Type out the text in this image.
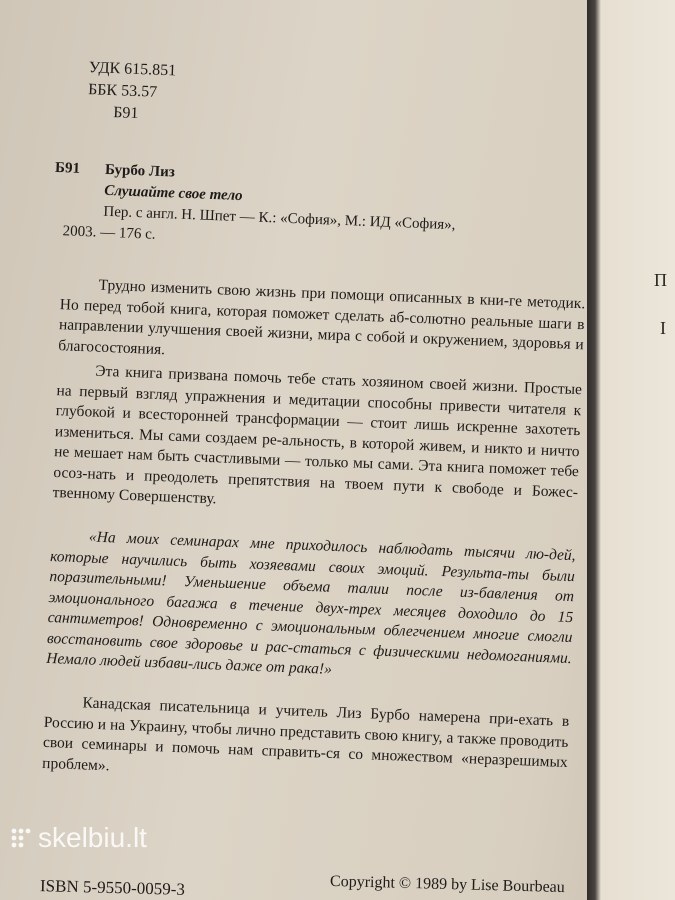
П
I
УДК 615.851
ББК 53.57
Б91
Б91 Бурбо Лиз
Слушайте свое тело
Пер. с англ. Н. Шпет — К.: «София», М.: ИД «София»,
2003. — 176 с.
Трудно изменить свою жизнь при помощи описанных в кни-ге методик. Но перед тобой книга, которая поможет сделать аб-солютно реальные шаги в направлении улучшения своей жизни, мира с собой и окружением, здоровья и благосостояния.
Эта книга призвана помочь тебе стать хозяином своей жизни. Простые на первый взгляд упражнения и медитации способны привести читателя к глубокой и всесторонней трансформации — стоит лишь искренне захотеть измениться. Мы сами создаем ре-альность, в которой живем, и никто и ничто не мешает нам быть счастливыми — только мы сами. Эта книга поможет тебе осоз-нать и преодолеть препятствия на твоем пути к свободе и Божес-твенному Совершенству.
«На моих семинарах мне приходилось наблюдать тысячи лю-дей, которые научились быть хозяевами своих эмоций. Результа-ты были поразительными! Уменьшение объема талии после из-бавления от эмоционального багажа в течение двух-трех месяцев доходило до 15 сантиметров! Одновременно с эмоциональным облегчением многие смогли восстановить свое здоровье и рас-статься с физическими недомоганиями. Немало людей избави-лись даже от рака!»
Канадская писательница и учитель Лиз Бурбо намерена при-ехать в Россию и на Украину, чтобы лично представить свою книгу, а также проводить свои семинары и помочь нам справить-ся со множеством «неразрешимых проблем».
skelbiu.lt
ISBN 5-9550-0059-3	Copyright © 1989 by Lise Bourbeau
